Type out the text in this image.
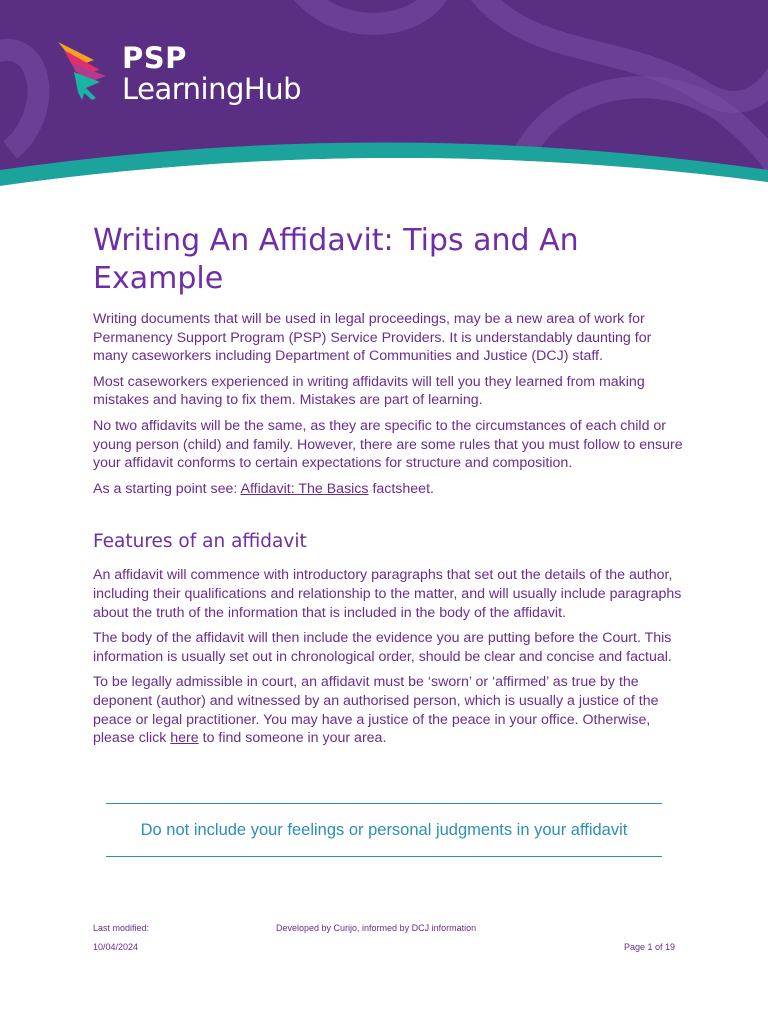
PSP
LearningHub
Writing An Affidavit: Tips and An Example

Writing documents that will be used in legal proceedings, may be a new area of work for Permanency Support Program (PSP) Service Providers. It is understandably daunting for many caseworkers including Department of Communities and Justice (DCJ) staff.

Most caseworkers experienced in writing affidavits will tell you they learned from making mistakes and having to fix them. Mistakes are part of learning.

No two affidavits will be the same, as they are specific to the circumstances of each child or young person (child) and family. However, there are some rules that you must follow to ensure your affidavit conforms to certain expectations for structure and composition.

As a starting point see: Affidavit: The Basics factsheet.

Features of an affidavit

An affidavit will commence with introductory paragraphs that set out the details of the author, including their qualifications and relationship to the matter, and will usually include paragraphs about the truth of the information that is included in the body of the affidavit.

The body of the affidavit will then include the evidence you are putting before the Court. This information is usually set out in chronological order, should be clear and concise and factual.

To be legally admissible in court, an affidavit must be ‘sworn’ or ‘affirmed’ as true by the deponent (author) and witnessed by an authorised person, which is usually a justice of the peace or legal practitioner. You may have a justice of the peace in your office. Otherwise, please click here to find someone in your area.

Do not include your feelings or personal judgments in your affidavit
Last modified:
10/04/2024
Developed by Curijo, informed by DCJ information
Page 1 of 19
